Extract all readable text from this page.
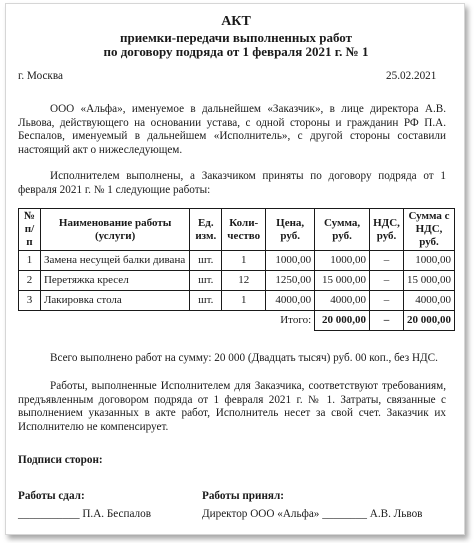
АКТ
приемки-передачи выполненных работ
по договору подряда от 1 февраля 2021 г. № 1
г. Москва	25.02.2021
ООО «Альфа», именуемое в дальнейшем «Заказчик», в лице директора А.В. Львова, действующего на основании устава, с одной стороны и гражданин РФ П.А. Беспалов, именуемый в дальнейшем «Исполнитель», с другой стороны составили настоящий акт о нижеследующем.
Исполнителем выполнены, а Заказчиком приняты по договору подряда от 1 февраля 2021 г. № 1 следующие работы:
№ п/п	Наименование работы (услуги)	Ед. изм.	Коли-чество	Цена, руб.	Сумма, руб.	НДС, руб.	Сумма с НДС, руб.
1	Замена несущей балки дивана	шт.	1	1000,00	1000,00	–	1000,00
2	Перетяжка кресел	шт.	12	1250,00	15 000,00	–	15 000,00
3	Лакировка стола	шт.	1	4000,00	4000,00	–	4000,00
				Итого:	20 000,00	–	20 000,00
Всего выполнено работ на сумму: 20 000 (Двадцать тысяч) руб. 00 коп., без НДС.
Работы, выполненные Исполнителем для Заказчика, соответствуют требованиям, предъявленным договором подряда от 1 февраля 2021 г. № 1. Затраты, связанные с выполнением указанных в акте работ, Исполнитель несет за свой счет. Заказчик их Исполнителю не компенсирует.
Подписи сторон:
Работы сдал:
___________ П.А. Беспалов
Работы принял:
Директор ООО «Альфа» ________ А.В. Львов
